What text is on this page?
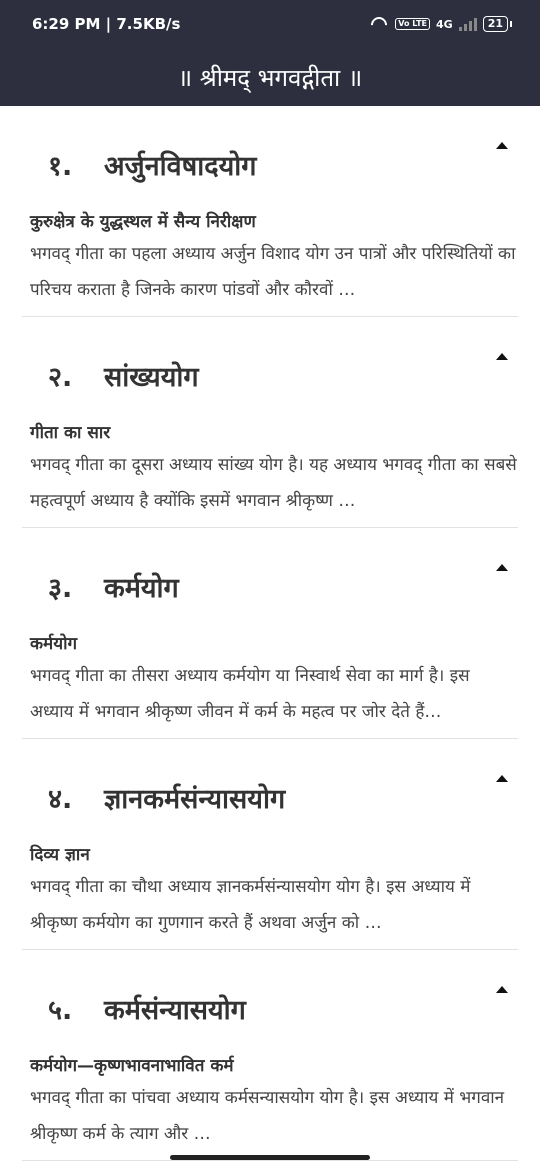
6:29 PM | 7.5KB/s	Vo LTE 4G	21
॥ श्रीमद् भगवद्गीता ॥
१.	अर्जुनविषादयोग
कुरुक्षेत्र के युद्धस्थल में सैन्य निरीक्षण
भगवद् गीता का पहला अध्याय अर्जुन विशाद योग उन पात्रों और परिस्थितियों का परिचय कराता है जिनके कारण पांडवों और कौरवों …
२.	सांख्ययोग
गीता का सार
भगवद् गीता का दूसरा अध्याय सांख्य योग है। यह अध्याय भगवद् गीता का सबसे महत्वपूर्ण अध्याय है क्योंकि इसमें भगवान श्रीकृष्ण …
३.	कर्मयोग
कर्मयोग
भगवद् गीता का तीसरा अध्याय कर्मयोग या निस्वार्थ सेवा का मार्ग है। इस अध्याय में भगवान श्रीकृष्ण जीवन में कर्म के महत्व पर जोर देते हैं…
४.	ज्ञानकर्मसंन्यासयोग
दिव्य ज्ञान
भगवद् गीता का चौथा अध्याय ज्ञानकर्मसंन्यासयोग योग है। इस अध्याय में श्रीकृष्ण कर्मयोग का गुणगान करते हैं अथवा अर्जुन को …
५.	कर्मसंन्यासयोग
कर्मयोग—कृष्णभावनाभावित कर्म
भगवद् गीता का पांचवा अध्याय कर्मसन्यासयोग योग है। इस अध्याय में भगवान श्रीकृष्ण कर्म के त्याग और …
